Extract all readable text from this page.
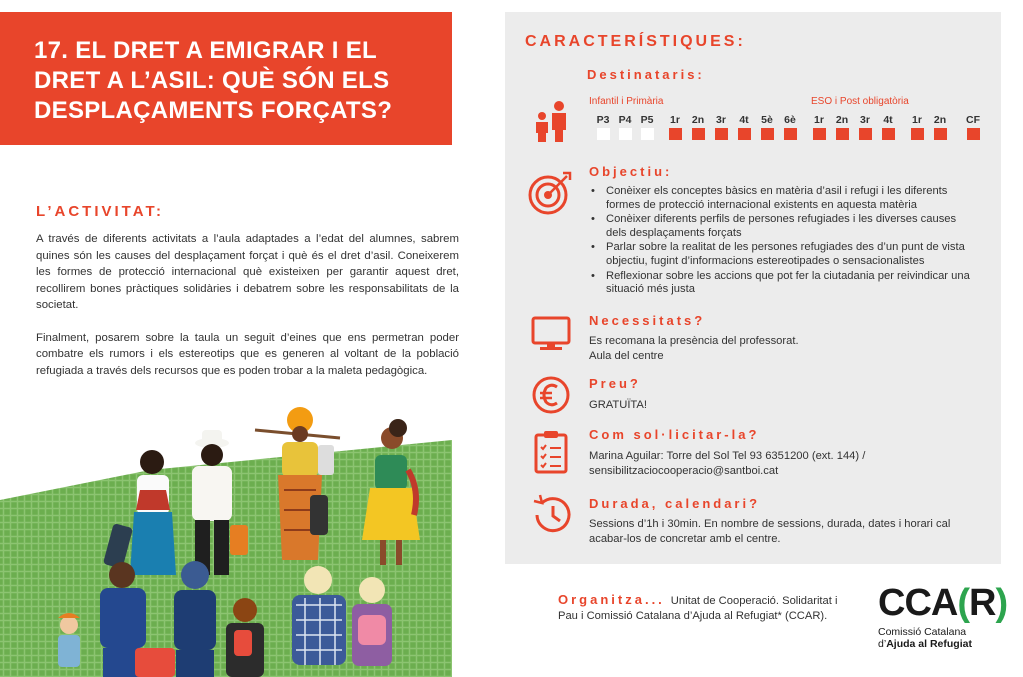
17. EL DRET A EMIGRAR I EL DRET A L’ASIL: QUÈ SÓN ELS DESPLAÇAMENTS FORÇATS?
L’ACTIVITAT:

A través de diferents activitats a l’aula adaptades a l’edat del alumnes, sabrem quines són les causes del desplaçament forçat i què és el dret d’asil. Coneixerem les formes de protecció internacional què existeixen per garantir aquest dret, recollirem bones pràctiques solidàries i debatrem sobre les responsabilitats de la societat.

Finalment, posarem sobre la taula un seguit d’eines que ens permetran poder combatre els rumors i els estereotips que es generen al voltant de la població refugiada a través dels recursos que es poden trobar a la maleta pedagògica.

CARACTERÍSTIQUES:
Destinataris:
Infantil i Primària	ESO i Post obligatòria
P3 P4 P5	1r	2n	3r	4t	5è	6è	1r	2n	3r	4t	1r	2n	CF
Objectiu:
• Conèixer els conceptes bàsics en matèria d’asil i refugi i les diferents formes de protecció internacional existents en aquesta matèria
• Conèixer diferents perfils de persones refugiades i les diverses causes dels desplaçaments forçats
• Parlar sobre la realitat de les persones refugiades des d’un punt de vista objectiu, fugint d’informacions estereotipades o sensacionalistes
• Reflexionar sobre les accions que pot fer la ciutadania per reivindicar una situació més justa
Necessitats?
Es recomana la presència del professorat.
Aula del centre
Preu?
GRATUÏTA!
Com sol·licitar-la?
Marina Aguilar: Torre del Sol Tel 93 6351200 (ext. 144) /
sensibilitzaciocooperacio@santboi.cat
Durada, calendari?
Sessions d’1h i 30min. En nombre de sessions, durada, dates i horari cal acabar-los de concretar amb el centre.
Organitza... Unitat de Cooperació. Solidaritat i Pau i Comissió Catalana d’Ajuda al Refugiat* (CCAR).	CCA(R)
Comissió Catalana
d’Ajuda al Refugiat
